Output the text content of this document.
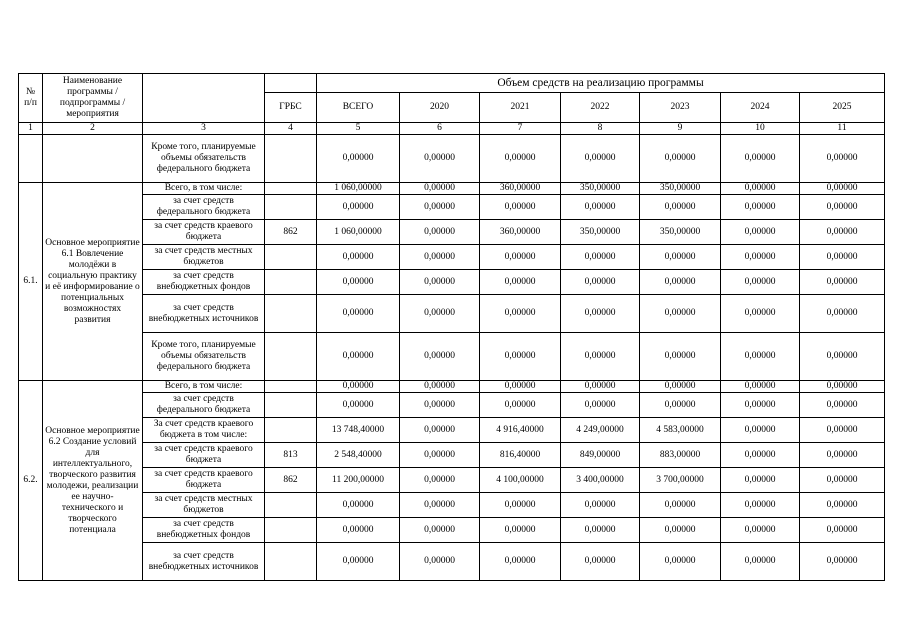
№ п/п	Наименование программы / подпрограммы / мероприятия			Объем средств на реализацию программы						
			ГРБС	ВСЕГО	2020	2021	2022	2023	2024	2025
1	2	3	4	5	6	7	8	9	10	11
		Кроме того, планируемые объемы обязательств федерального бюджета		0,00000	0,00000	0,00000	0,00000	0,00000	0,00000	0,00000
6.1.	Основное мероприятие 6.1 Вовлечение молодёжи в социальную практику и её информирование о потенциальных возможностях развития	Всего, в том числе:		1 060,00000	0,00000	360,00000	350,00000	350,00000	0,00000	0,00000
		за счет средств федерального бюджета		0,00000	0,00000	0,00000	0,00000	0,00000	0,00000	0,00000
		за счет средств краевого бюджета	862	1 060,00000	0,00000	360,00000	350,00000	350,00000	0,00000	0,00000
		за счет средств местных бюджетов		0,00000	0,00000	0,00000	0,00000	0,00000	0,00000	0,00000
		за счет средств внебюджетных фондов		0,00000	0,00000	0,00000	0,00000	0,00000	0,00000	0,00000
		за счет средств внебюджетных источников		0,00000	0,00000	0,00000	0,00000	0,00000	0,00000	0,00000
		Кроме того, планируемые объемы обязательств федерального бюджета		0,00000	0,00000	0,00000	0,00000	0,00000	0,00000	0,00000
6.2.	Основное мероприятие 6.2 Создание условий для интеллектуального, творческого развития молодежи, реализации ее научно-технического и творческого потенциала	Всего, в том числе:		0,00000	0,00000	0,00000	0,00000	0,00000	0,00000	0,00000
		за счет средств федерального бюджета		0,00000	0,00000	0,00000	0,00000	0,00000	0,00000	0,00000
		За счет средств краевого бюджета в том числе:		13 748,40000	0,00000	4 916,40000	4 249,00000	4 583,00000	0,00000	0,00000
		за счет средств краевого бюджета	813	2 548,40000	0,00000	816,40000	849,00000	883,00000	0,00000	0,00000
		за счет средств краевого бюджета	862	11 200,00000	0,00000	4 100,00000	3 400,00000	3 700,00000	0,00000	0,00000
		за счет средств местных бюджетов		0,00000	0,00000	0,00000	0,00000	0,00000	0,00000	0,00000
		за счет средств внебюджетных фондов		0,00000	0,00000	0,00000	0,00000	0,00000	0,00000	0,00000
		за счет средств внебюджетных источников		0,00000	0,00000	0,00000	0,00000	0,00000	0,00000	0,00000
